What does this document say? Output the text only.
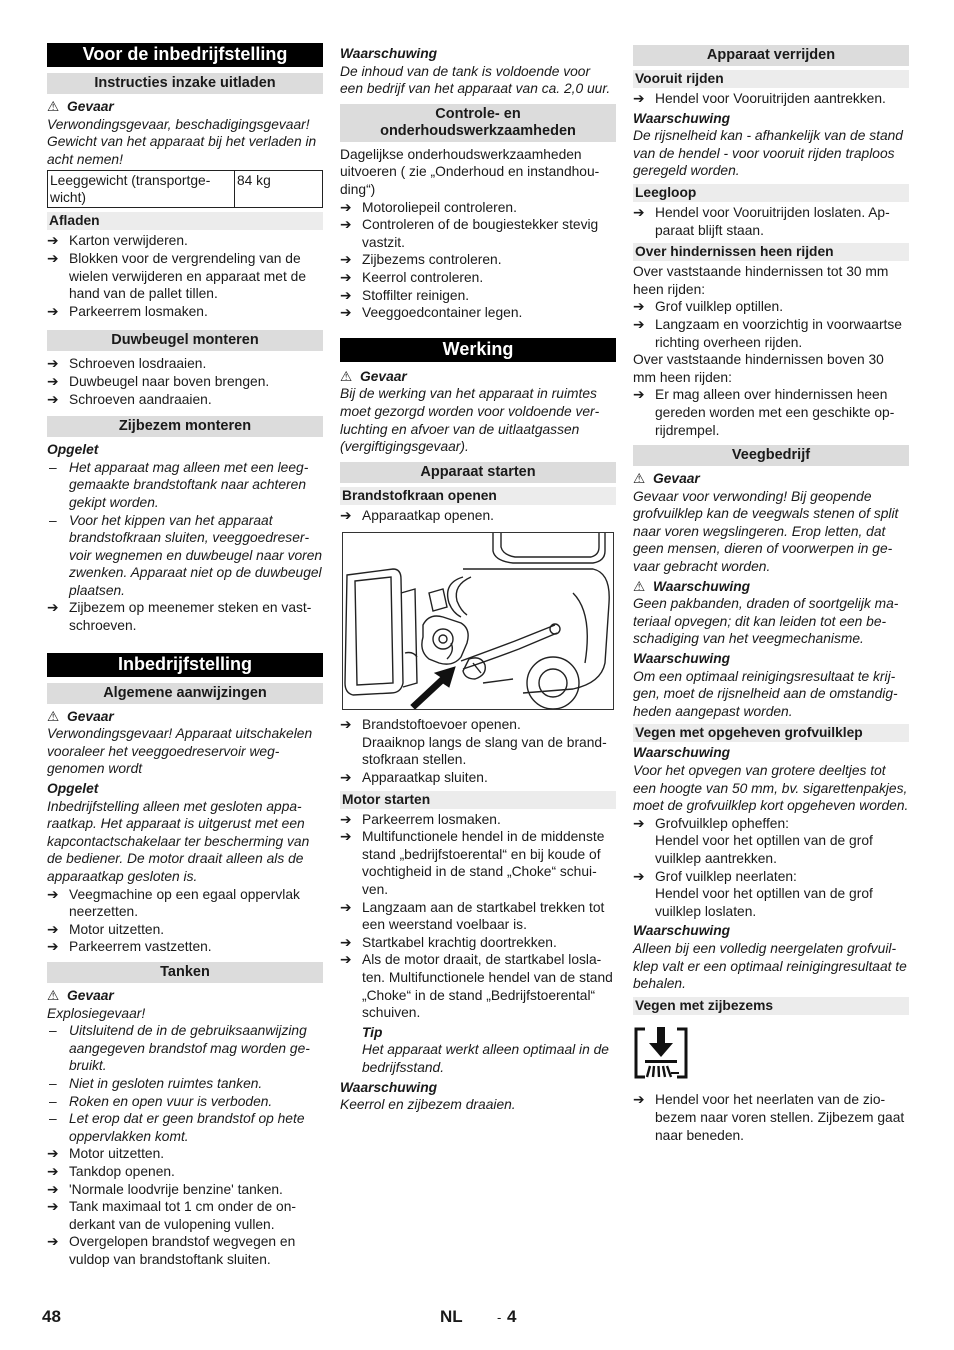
Voor de inbedrijfstelling
Instructies inzake uitladen
⚠ Gevaar
Verwondingsgevaar, beschadigingsgevaar!
Gewicht van het apparaat bij het verladen in acht nemen!
Leeggewicht (transportgewicht)	84 kg
Afladen
➔ Karton verwijderen.
➔ Blokken voor de vergrendeling van de wielen verwijderen en apparaat met de hand van de pallet tillen.
➔ Parkeerrem losmaken.
Duwbeugel monteren
➔ Schroeven losdraaien.
➔ Duwbeugel naar boven brengen.
➔ Schroeven aandraaien.
Zijbezem monteren
Opgelet
– Het apparaat mag alleen met een leeggemaakte brandstoftank naar achteren gekipt worden.
– Voor het kippen van het apparaat brandstofkraan sluiten, veeggoedreservoir wegnemen en duwbeugel naar voren zwenken. Apparaat niet op de duwbeugel plaatsen.
➔ Zijbezem op meenemer steken en vastschroeven.
Inbedrijfstelling
Algemene aanwijzingen
⚠ Gevaar
Verwondingsgevaar! Apparaat uitschakelen vooraleer het veeggoedreservoir weggenomen wordt
Opgelet
Inbedrijfstelling alleen met gesloten apparaatkap. Het apparaat is uitgerust met een kapcontactschakelaar ter bescherming van de bediener. De motor draait alleen als de apparaatkap gesloten is.
➔ Veegmachine op een egaal oppervlak neerzetten.
➔ Motor uitzetten.
➔ Parkeerrem vastzetten.
Tanken
⚠ Gevaar
Explosiegevaar!
– Uitsluitend de in de gebruiksaanwijzing aangegeven brandstof mag worden gebruikt.
– Niet in gesloten ruimtes tanken.
– Roken en open vuur is verboden.
– Let erop dat er geen brandstof op hete oppervlakken komt.
➔ Motor uitzetten.
➔ Tankdop openen.
➔ 'Normale loodvrije benzine' tanken.
➔ Tank maximaal tot 1 cm onder de onderkant van de vulopening vullen.
➔ Overgelopen brandstof wegvegen en vuldop van brandstoftank sluiten.
Waarschuwing
De inhoud van de tank is voldoende voor een bedrijf van het apparaat van ca. 2,0 uur.
Controle- en onderhoudswerkzaamheden
Dagelijkse onderhoudswerkzaamheden uitvoeren ( zie „Onderhoud en instandhouding“)
➔ Motoroliepeil controleren.
➔ Controleren of de bougiestekker stevig vastzit.
➔ Zijbezems controleren.
➔ Keerrol controleren.
➔ Stoffilter reinigen.
➔ Veeggoedcontainer legen.
Werking
⚠ Gevaar
Bij de werking van het apparaat in ruimtes moet gezorgd worden voor voldoende verluchting en afvoer van de uitlaatgassen (vergiftigingsgevaar).
Apparaat starten
Brandstofkraan openen
➔ Apparaatkap openen.
➔ Brandstoftoevoer openen.
Draaiknop langs de slang van de brandstofkraan stellen.
➔ Apparaatkap sluiten.
Motor starten
➔ Parkeerrem losmaken.
➔ Multifunctionele hendel in de middenste stand „bedrijfstoerental“ en bij koude of vochtigheid in de stand „Choke“ schuiven.
➔ Langzaam aan de startkabel trekken tot een weerstand voelbaar is.
➔ Startkabel krachtig doortrekken.
➔ Als de motor draait, de startkabel loslaten. Multifunctionele hendel van de stand „Choke“ in de stand „Bedrijfstoerental“ schuiven.
Tip
Het apparaat werkt alleen optimaal in de bedrijfsstand.
Waarschuwing
Keerrol en zijbezem draaien.
Apparaat verrijden
Vooruit rijden
➔ Hendel voor Vooruitrijden aantrekken.
Waarschuwing
De rijsnelheid kan - afhankelijk van de stand van de hendel - voor vooruit rijden traploos geregeld worden.
Leegloop
➔ Hendel voor Vooruitrijden loslaten. Apparaat blijft staan.
Over hindernissen heen rijden
Over vaststaande hindernissen tot 30 mm heen rijden:
➔ Grof vuilklep optillen.
➔ Langzaam en voorzichtig in voorwaartse richting overheen rijden.
Over vaststaande hindernissen boven 30 mm heen rijden:
➔ Er mag alleen over hindernissen heen gereden worden met een geschikte oprijdrempel.
Veegbedrijf
⚠ Gevaar
Gevaar voor verwonding! Bij geopende grofvuilklep kan de veegwals stenen of split naar voren wegslingeren. Erop letten, dat geen mensen, dieren of voorwerpen in gevaar gebracht worden.
⚠ Waarschuwing
Geen pakbanden, draden of soortgelijk materiaal opvegen; dit kan leiden tot een beschadiging van het veegmechanisme.
Waarschuwing
Om een optimaal reinigingsresultaat te krijgen, moet de rijsnelheid aan de omstandigheden aangepast worden.
Vegen met opgeheven grofvuilklep
Waarschuwing
Voor het opvegen van grotere deeltjes tot een hoogte van 50 mm, bv. sigarettenpakjes, moet de grofvuilklep kort opgeheven worden.
➔ Grofvuilklep opheffen:
Hendel voor het optillen van de grof vuilklep aantrekken.
➔ Grof vuilklep neerlaten:
Hendel voor het optillen van de grof vuilklep loslaten.
Waarschuwing
Alleen bij een volledig neergelaten grofvuilklep valt er een optimaal reinigingresultaat te behalen.
Vegen met zijbezems
➔ Hendel voor het neerlaten van de ziobezem naar voren stellen. Zijbezem gaat naar beneden.
48	NL	- 4
